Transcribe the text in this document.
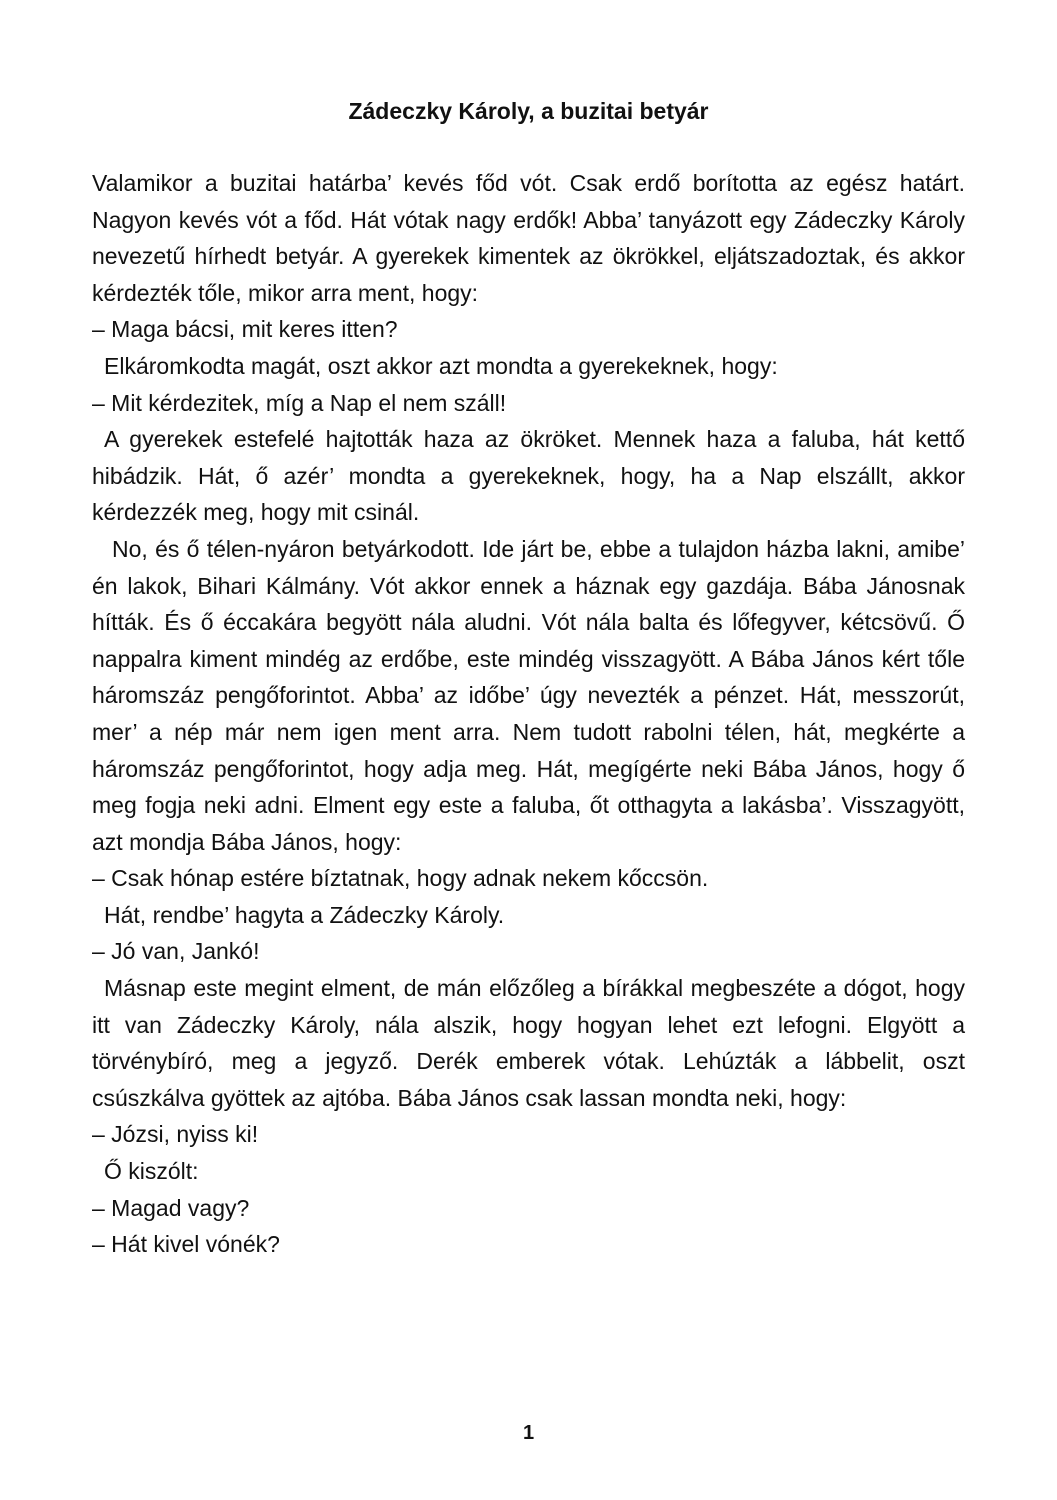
Zádeczky Károly, a buzitai betyár

Valamikor a buzitai határba’ kevés főd vót. Csak erdő borította az egész határt. Nagyon kevés vót a főd. Hát vótak nagy erdők! Abba’ tanyázott egy Zádeczky Károly nevezetű hírhedt betyár. A gyerekek kimentek az ökrökkel, eljátszadoztak, és akkor kérdezték tőle, mikor arra ment, hogy:

– Maga bácsi, mit keres itten?

Elkáromkodta magát, oszt akkor azt mondta a gyerekeknek, hogy:

– Mit kérdezitek, míg a Nap el nem száll!

A gyerekek estefelé hajtották haza az ökröket. Mennek haza a faluba, hát kettő hibádzik. Hát, ő azér’ mondta a gyerekeknek, hogy, ha a Nap elszállt, akkor kérdezzék meg, hogy mit csinál.

No, és ő télen-nyáron betyárkodott. Ide járt be, ebbe a tulajdon házba lakni, amibe’ én lakok, Bihari Kálmány. Vót akkor ennek a háznak egy gazdája. Bába Jánosnak hítták. És ő éccakára begyött nála aludni. Vót nála balta és lőfegyver, kétcsövű. Ő nappalra kiment mindég az erdőbe, este mindég visszagyött. A Bába János kért tőle háromszáz pengőforintot. Abba’ az időbe’ úgy nevezték a pénzet. Hát, messzorút, mer’ a nép már nem igen ment arra. Nem tudott rabolni télen, hát, megkérte a háromszáz pengőforintot, hogy adja meg. Hát, megígérte neki Bába János, hogy ő meg fogja neki adni. Elment egy este a faluba, őt otthagyta a lakásba’. Visszagyött, azt mondja Bába János, hogy:

– Csak hónap estére bíztatnak, hogy adnak nekem kőccsön.

Hát, rendbe’ hagyta a Zádeczky Károly.

– Jó van, Jankó!

Másnap este megint elment, de mán előzőleg a bírákkal megbeszéte a dógot, hogy itt van Zádeczky Károly, nála alszik, hogy hogyan lehet ezt lefogni. Elgyött a törvénybíró, meg a jegyző. Derék emberek vótak. Lehúzták a lábbelit, oszt csúszkálva gyöttek az ajtóba. Bába János csak lassan mondta neki, hogy:

– Józsi, nyiss ki!

Ő kiszólt:

– Magad vagy?

– Hát kivel vónék?

1
